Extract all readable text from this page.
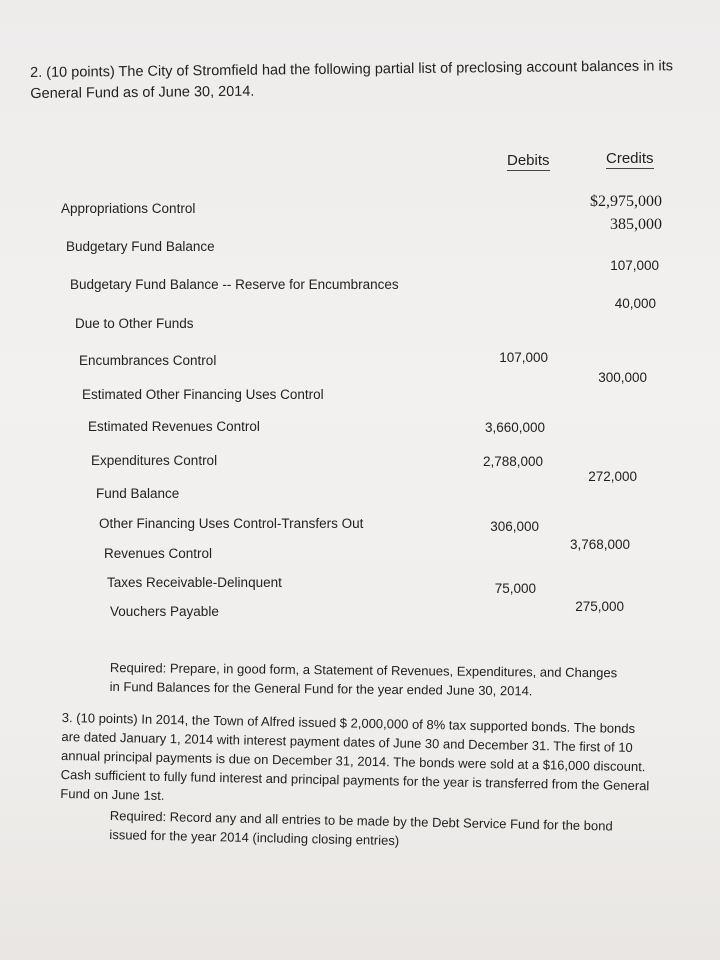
2. (10 points) The City of Stromfield had the following partial list of preclosing account balances in its General Fund as of June 30, 2014.
Debits	Credits
Appropriations Control
Budgetary Fund Balance
Budgetary Fund Balance -- Reserve for Encumbrances
Due to Other Funds
Encumbrances Control
Estimated Other Financing Uses Control
Estimated Revenues Control
Expenditures Control
Fund Balance
Other Financing Uses Control-Transfers Out
Revenues Control
Taxes Receivable-Delinquent
Vouchers Payable
$2,975,000
385,000
107,000
40,000
300,000
272,000
3,768,000
275,000
107,000
3,660,000
2,788,000
306,000
75,000
Required: Prepare, in good form, a Statement of Revenues, Expenditures, and Changes in Fund Balances for the General Fund for the year ended June 30, 2014.
3. (10 points) In 2014, the Town of Alfred issued $ 2,000,000 of 8% tax supported bonds. The bonds are dated January 1, 2014 with interest payment dates of June 30 and December 31. The first of 10 annual principal payments is due on December 31, 2014. The bonds were sold at a $16,000 discount. Cash sufficient to fully fund interest and principal payments for the year is transferred from the General Fund on June 1st.
Required: Record any and all entries to be made by the Debt Service Fund for the bond issued for the year 2014 (including closing entries)
